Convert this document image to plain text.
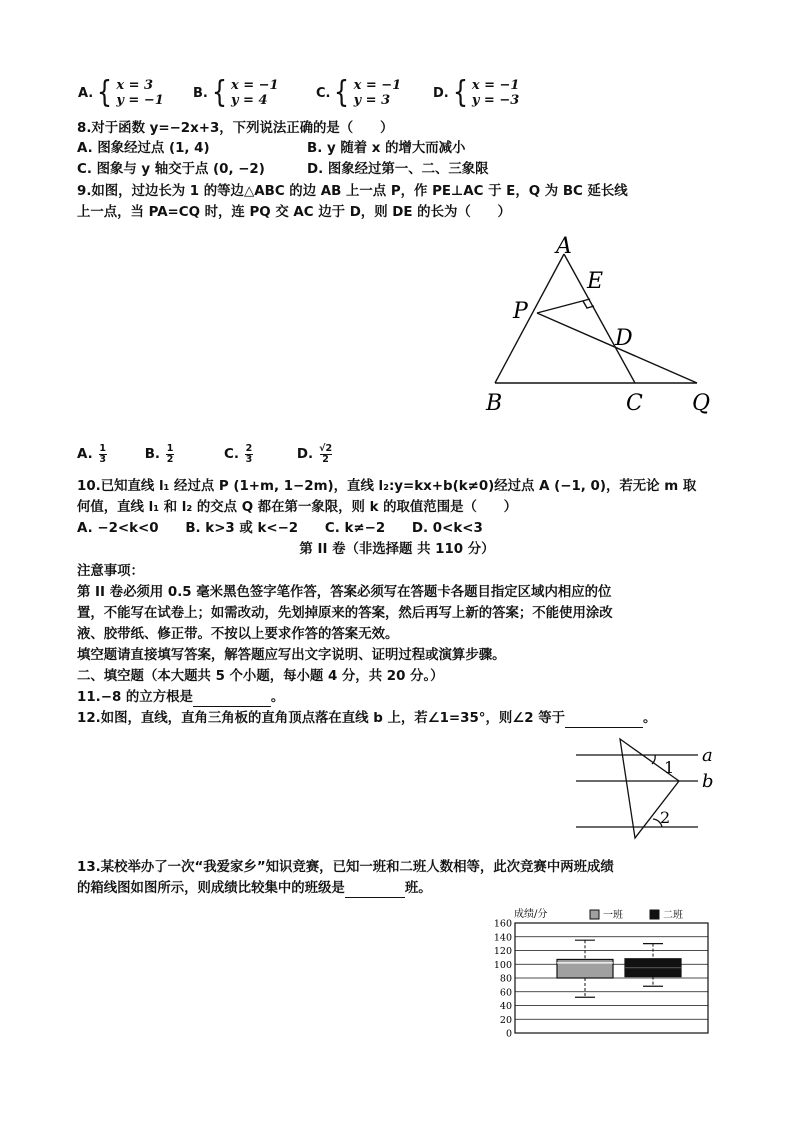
A. { x = 3
y = −1 B. { x = −1
y = 4	C. { x = −1
y = 3	D. { x = −1
y = −3
8.对于函数 y=−2x+3，下列说法正确的是（　　）
A. 图象经过点 (1, 4)	B. y 随着 x 的增大而减小
C. 图象与 y 轴交于点 (0, −2)	D. 图象经过第一、二、三象限
9.如图，过边长为 1 的等边△ABC 的边 AB 上一点 P，作 PE⊥AC 于 E，Q 为 BC 延长线
上一点，当 PA=CQ 时，连 PQ 交 AC 边于 D，则 DE 的长为（　　）
A
E
P
D
B	C Q
A. $\frac{1}{3}$	B. $\frac{1}{2}$	C. $\frac{2}{3}$	D. $\frac{√2}{2}$
10.已知直线 l₁ 经过点 P (1+m, 1−2m)，直线 l₂:y=kx+b(k≠0)经过点 A (−1, 0)，若无论 m 取
何值，直线 l₁ 和 l₂ 的交点 Q 都在第一象限，则 k 的取值范围是（　　）
A. −2<k<0　　B. k>3 或 k<−2　　C. k≠−2　　D. 0<k<3
第 II 卷（非选择题 共 110 分）
注意事项：
第 II 卷必须用 0.5 毫米黑色签字笔作答，答案必须写在答题卡各题目指定区域内相应的位
置，不能写在试卷上；如需改动，先划掉原来的答案，然后再写上新的答案；不能使用涂改
液、胶带纸、修正带。不按以上要求作答的答案无效。
填空题请直接填写答案，解答题应写出文字说明、证明过程或演算步骤。
二、填空题（本大题共 5 个小题，每小题 4 分，共 20 分。）
11.−8 的立方根是	。
12.如图，直线，直角三角板的直角顶点落在直线 b 上，若∠1=35°，则∠2 等于	。
a
b
1
2
13.某校举办了一次“我爱家乡”知识竞赛，已知一班和二班人数相等，此次竞赛中两班成绩
的箱线图如图所示，则成绩比较集中的班级是	班。
0
20
40
60
80
100
120
140
160
成绩/分	一班	二班
